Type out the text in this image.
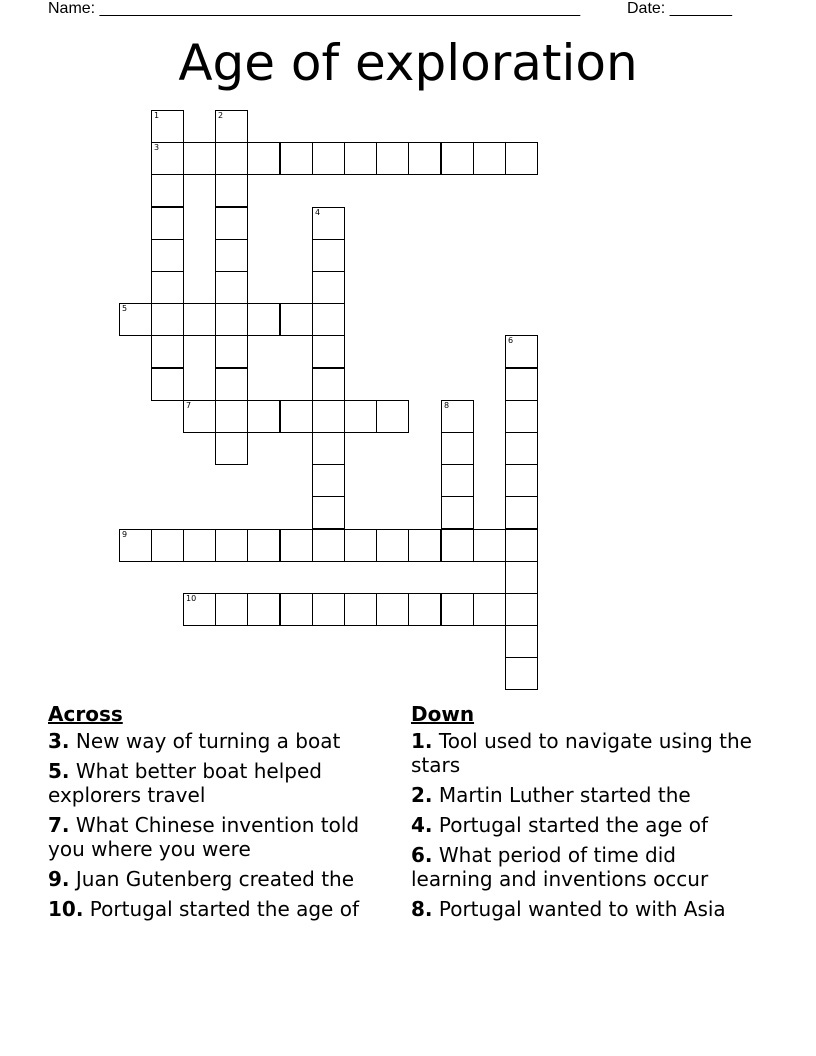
Name: ______________________________________________________	Date: _______
Age of exploration
1	2
3
4
5
6
7	8
9
10
Across
3. New way of turning a boat
5. What better boat helped explorers travel
7. What Chinese invention told you where you were
9. Juan Gutenberg created the
10. Portugal started the age of
Down
1. Tool used to navigate using the stars
2. Martin Luther started the
4. Portugal started the age of
6. What period of time did learning and inventions occur
8. Portugal wanted to with Asia
